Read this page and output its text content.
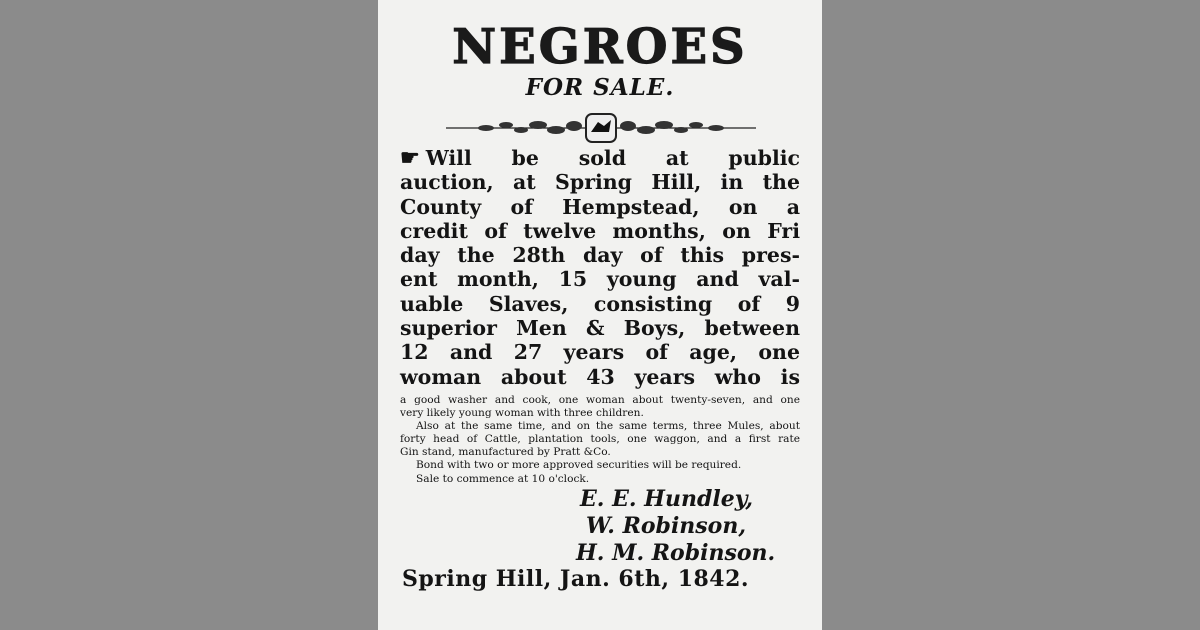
NEGROES
FOR SALE.
☛ Will be sold at public
auction, at Spring Hill, in the
County of Hempstead, on a
credit of twelve months, on Fri
day the 28th day of this pres-
ent month, 15 young and val-
uable Slaves, consisting of 9
superior Men & Boys, between
12 and 27 years of age, one
woman about 43 years who is
a good washer and cook, one woman about twenty-seven, and one
very likely young woman with three children.
Also at the same time, and on the same terms, three Mules, about
forty head of Cattle, plantation tools, one waggon, and a first rate
Gin stand, manufactured by Pratt &Co.
Bond with two or more approved securities will be required.
Sale to commence at 10 o'clock.
E. E. Hundley,
W. Robinson,
H. M. Robinson.
Spring Hill, Jan. 6th, 1842.
